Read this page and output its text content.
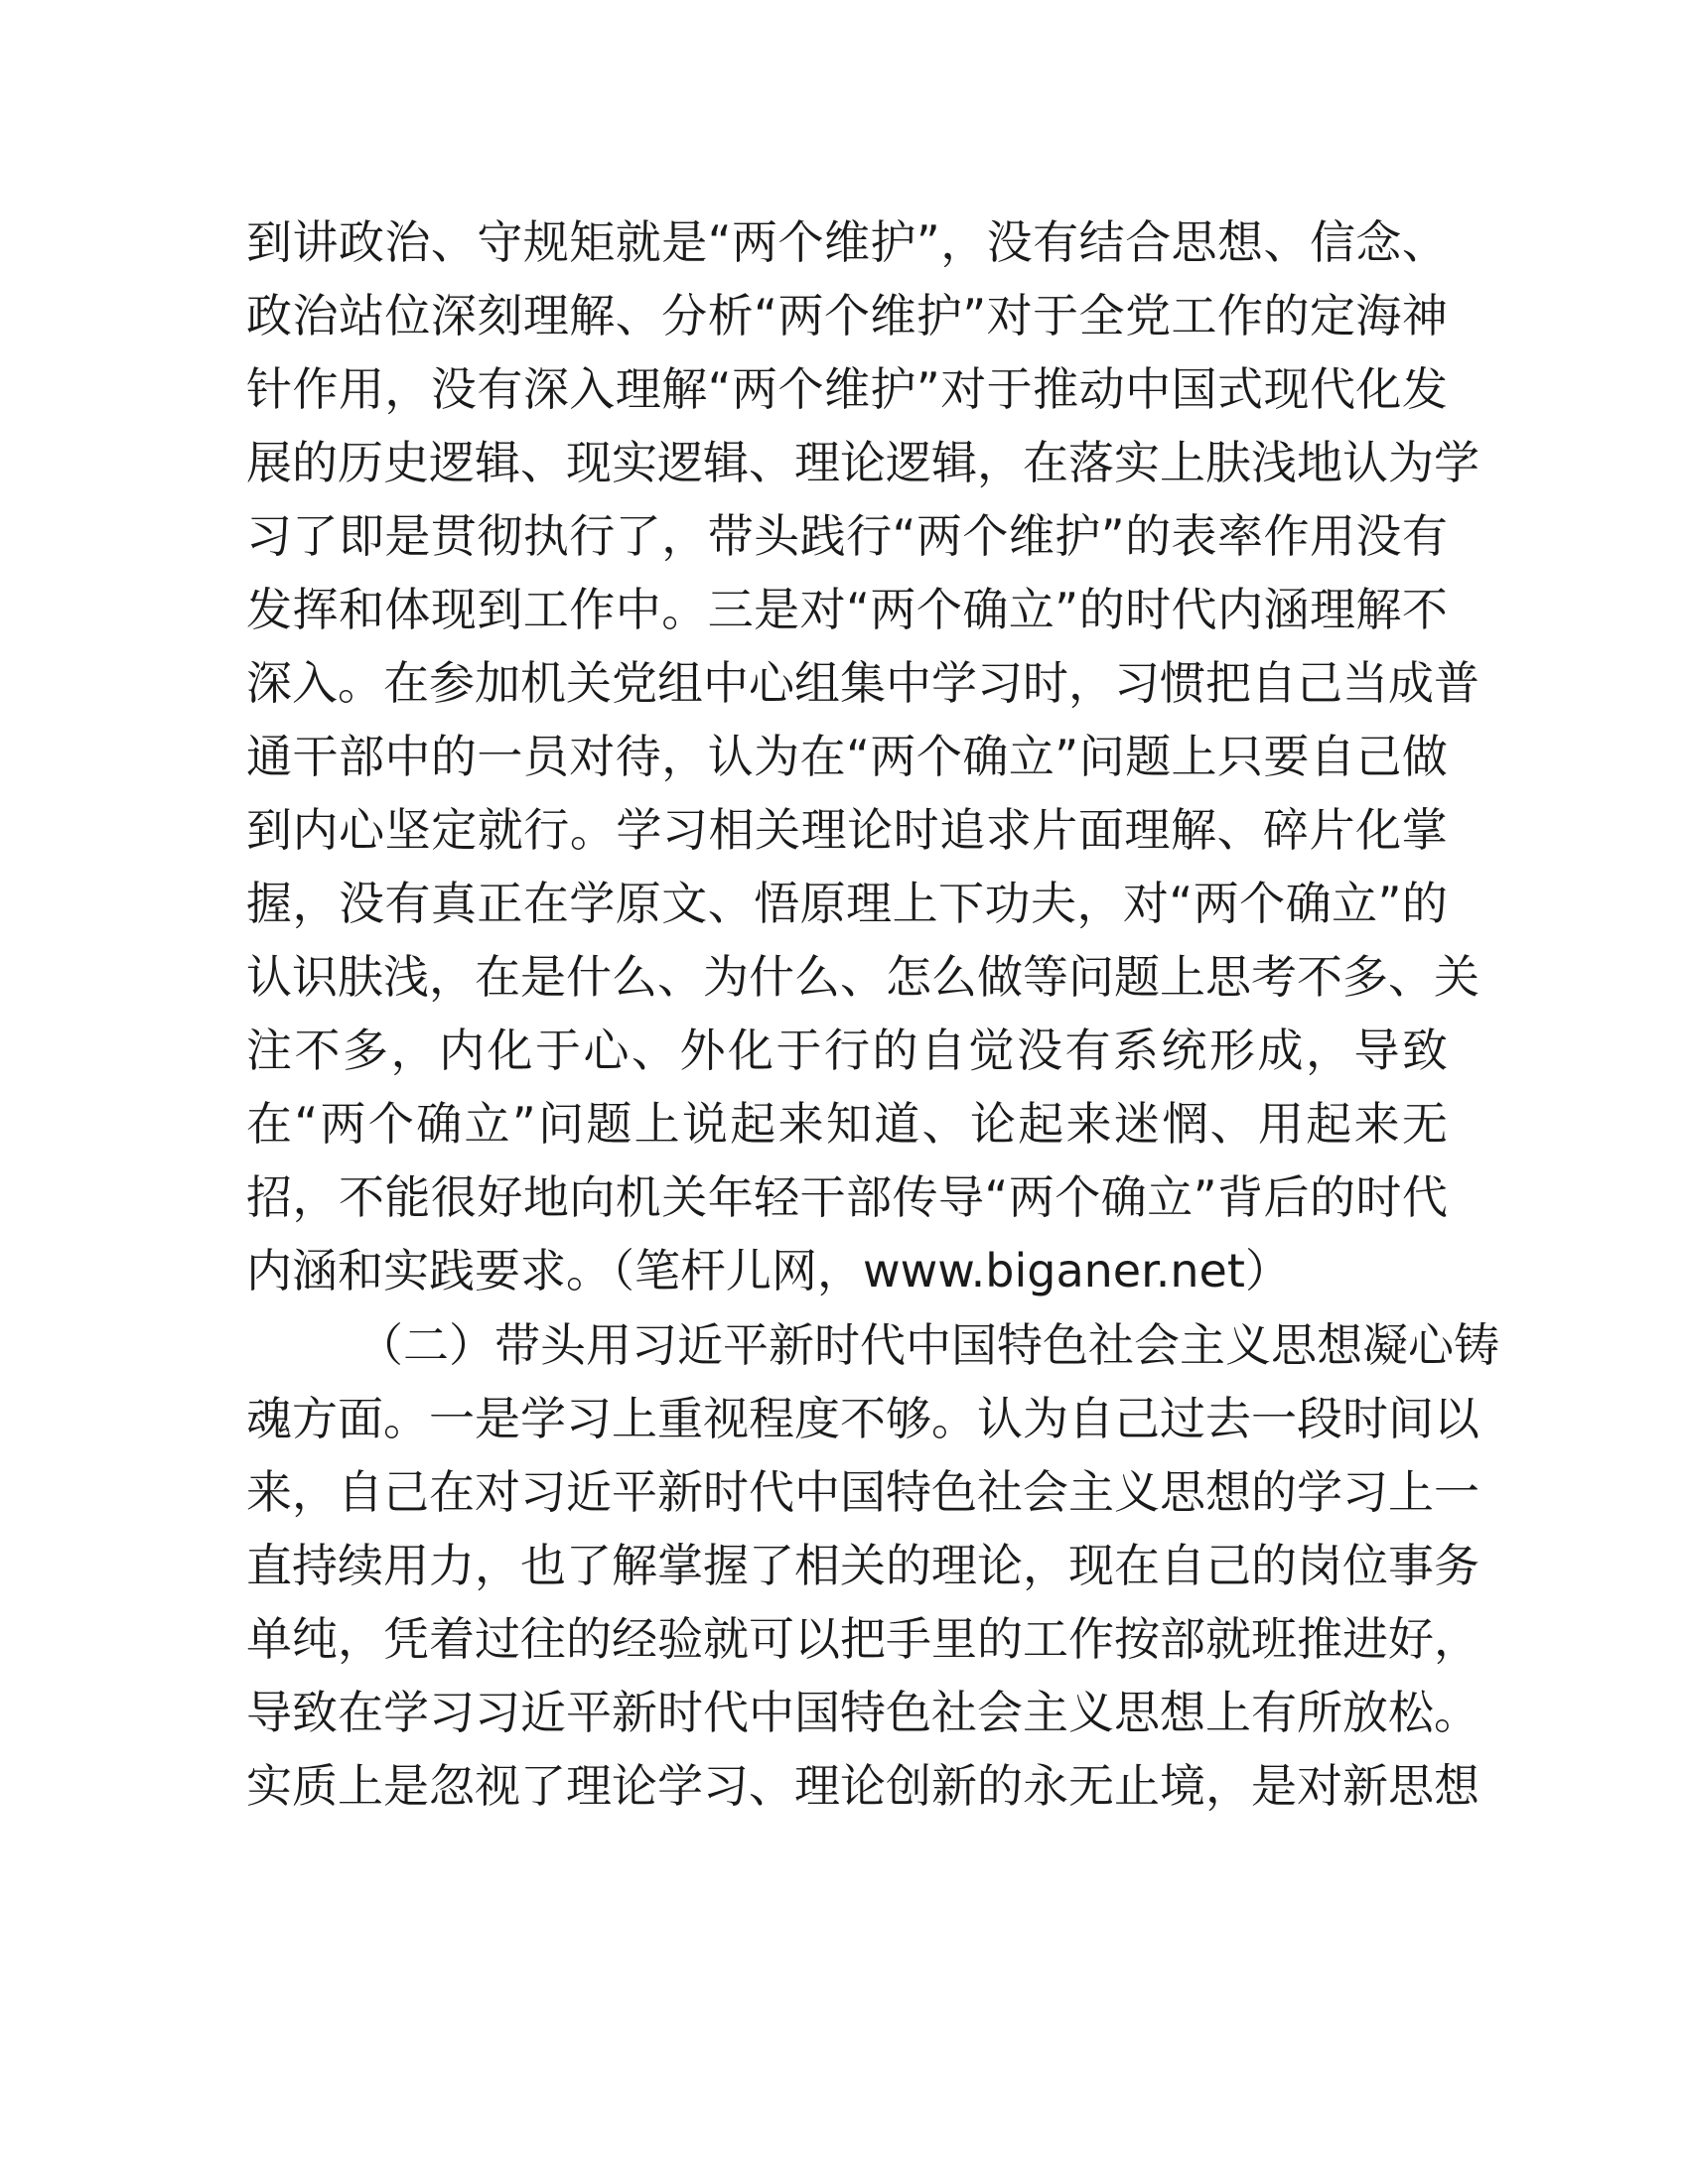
到 讲 政 治 、 守 规 矩 就 是 “ 两 个 维 护 ” ， 没 有 结 合 思 想 、 信 念 、
政 治 站 位 深 刻 理 解 、 分 析 “ 两 个 维 护 ” 对 于 全 党 工 作 的 定 海 神
针 作 用 ， 没 有 深 入 理 解 “ 两 个 维 护 ” 对 于 推 动 中 国 式 现 代 化 发
展 的 历 史 逻 辑 、 现 实 逻 辑 、 理 论 逻 辑 ， 在 落 实 上 肤 浅 地 认 为 学
习 了 即 是 贯 彻 执 行 了 ， 带 头 践 行 “ 两 个 维 护 ” 的 表 率 作 用 没 有
发 挥 和 体 现 到 工 作 中 。 三 是 对 “ 两 个 确 立 ” 的 时 代 内 涵 理 解 不
深 入 。 在 参 加 机 关 党 组 中 心 组 集 中 学 习 时 ， 习 惯 把 自 己 当 成 普
通 干 部 中 的 一 员 对 待 ， 认 为 在 “ 两 个 确 立 ” 问 题 上 只 要 自 己 做
到 内 心 坚 定 就 行 。 学 习 相 关 理 论 时 追 求 片 面 理 解 、 碎 片 化 掌
握 ， 没 有 真 正 在 学 原 文 、 悟 原 理 上 下 功 夫 ， 对 “ 两 个 确 立 ” 的
认 识 肤 浅 ， 在 是 什 么 、 为 什 么 、 怎 么 做 等 问 题 上 思 考 不 多 、 关
注 不 多 ， 内 化 于 心 、 外 化 于 行 的 自 觉 没 有 系 统 形 成 ， 导 致
在 “ 两 个 确 立 ” 问 题 上 说 起 来 知 道 、 论 起 来 迷 惘 、 用 起 来 无
招 ， 不 能 很 好 地 向 机 关 年 轻 干 部 传 导 “ 两 个 确 立 ” 背 后 的 时 代
内涵和实践要求。（笔杆儿网，www.biganer.net）
（ 二 ） 带 头 用 习 近 平 新 时 代 中 国 特 色 社 会 主 义 思 想 凝 心 铸
魂 方 面 。 一 是 学 习 上 重 视 程 度 不 够 。 认 为 自 己 过 去 一 段 时 间 以
来 ， 自 己 在 对 习 近 平 新 时 代 中 国 特 色 社 会 主 义 思 想 的 学 习 上 一
直 持 续 用 力 ， 也 了 解 掌 握 了 相 关 的 理 论 ， 现 在 自 己 的 岗 位 事 务
单 纯 ， 凭 着 过 往 的 经 验 就 可 以 把 手 里 的 工 作 按 部 就 班 推 进 好 ，
导 致 在 学 习 习 近 平 新 时 代 中 国 特 色 社 会 主 义 思 想 上 有 所 放 松 。
实 质 上 是 忽 视 了 理 论 学 习 、 理 论 创 新 的 永 无 止 境 ， 是 对 新 思 想
